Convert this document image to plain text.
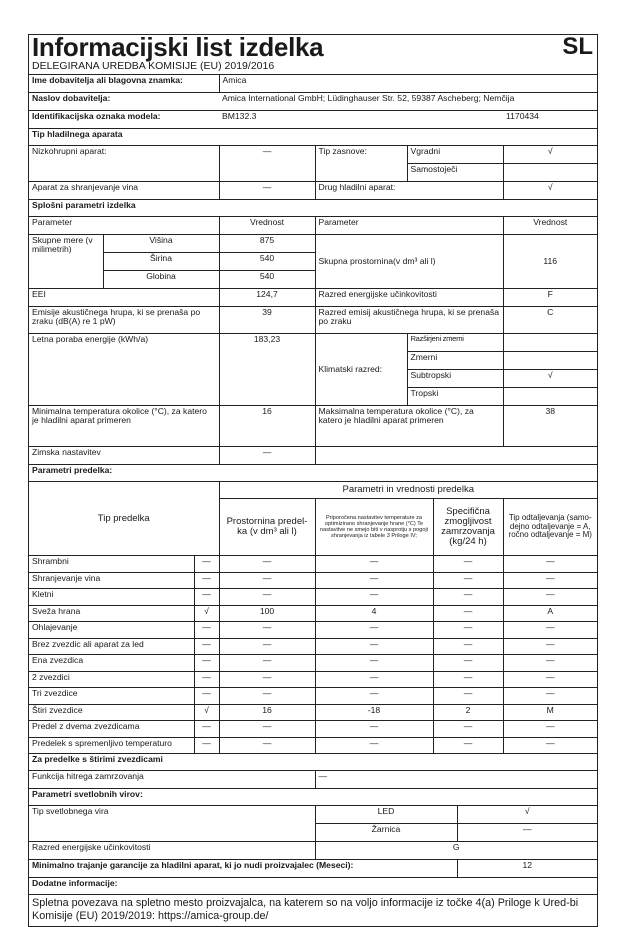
Informacijski list izdelka	SL
DELEGIRANA UREDBA KOMISIJE (EU) 2019/2016
Ime dobavitelja ali blagovna znamka:	Amica	
Naslov dobavitelja:	Amica International GmbH; Lüdinghauser Str. 52, 59387 Ascheberg; Nemčija	
Identifikacijska oznaka modela:	BM132.3	1170434
Tip hladilnega aparata					
Nizkohrupni aparat:		—	Tip zasnove:	Vgradni	√
				Samostoječi	
Aparat za shranjevanje vina		—	Drug hladilni aparat:		√
Splošni parametri izdelka					
Parameter		Vrednost	Parameter		Vrednost
Skupne mere (v milimetrih)	Višina	875	Skupna prostornina(v dm³ ali l)		116
	Širina	540			
	Globina	540			
EEI		124,7	Razred energijske učinkovitosti		F
Emisije akustičnega hrupa, ki se prenaša po zraku (dB(A) re 1 pW)		39	Razred emisij akustičnega hrupa, ki se prenaša po zraku		C
Letna poraba energije (kWh/a)		183,23	Klimatski razred:	Razširjeni zmerni	
				Zmerni	
				Subtropski	√
				Tropski	
Minimalna temperatura okolice (°C), za katero je hladilni aparat primeren		16	Maksimalna temperatura okolice (°C), za katero je hladilni aparat primeren		38
Zimska nastavitev		—			
Parametri predelka:					
Tip predelka		Parametri in vrednosti predelka			
		Prostornina predel-ka (v dm³ ali l)	Priporočena nastavitev temperature za optimizirano shranjevanje hrane (°C) Te nastavitve ne smejo biti v nasprotju s pogoji shranjevanja iz tabele 3 Priloge IV;	Specifična zmogljivost zamrzovanja (kg/24 h)	Tip odtaljevanja (samo-dejno odtaljevanje = A, ročno odtaljevanje = M)
Shrambni	—	—	—	—	—
Shranjevanje vina	—	—	—	—	—
Kletni	—	—	—	—	—
Sveža hrana	√	100	4	—	A
Ohlajevanje	—	—	—	—	—
Brez zvezdic ali aparat za led	—	—	—	—	—
Ena zvezdica	—	—	—	—	—
2 zvezdici	—	—	—	—	—
Tri zvezdice	—	—	—	—	—
Štiri zvezdice	√	16	-18	2	M
Predel z dvema zvezdicama	—	—	—	—	—
Predelek s spremenljivo temperaturo	—	—	—	—	—
Za predelke s štirimi zvezdicami		
Funkcija hitrega zamrzovanja	—	
Parametri svetlobnih virov:		
Tip svetlobnega vira	LED	√
	Žarnica	—
Razred energijske učinkovitosti	G	
Minimalno trajanje garancije za hladilni aparat, ki jo nudi proizvajalec (Meseci):		12
Dodatne informacije:		
Spletna povezava na spletno mesto proizvajalca, na katerem so na voljo informacije iz točke 4(a) Priloge k Ured-bi Komisije (EU) 2019/2019: https://amica-group.de/		
